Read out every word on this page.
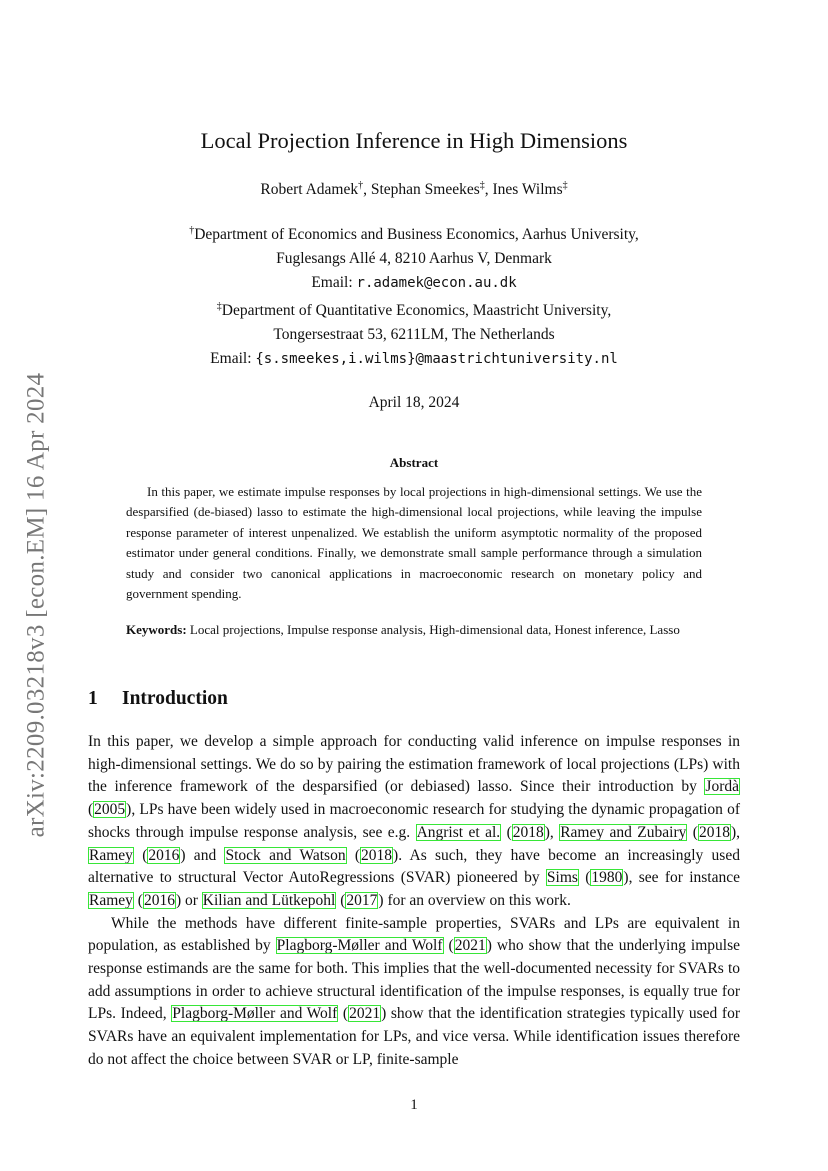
arXiv:2209.03218v3 [econ.EM] 16 Apr 2024
Local Projection Inference in High Dimensions
Robert Adamek†, Stephan Smeekes‡, Ines Wilms‡
†Department of Economics and Business Economics, Aarhus University,
Fuglesangs Allé 4, 8210 Aarhus V, Denmark
Email: r.adamek@econ.au.dk
‡Department of Quantitative Economics, Maastricht University,
Tongersestraat 53, 6211LM, The Netherlands
Email: {s.smeekes,i.wilms}@maastrichtuniversity.nl
April 18, 2024
Abstract

In this paper, we estimate impulse responses by local projections in high-dimensional settings. We use the desparsified (de-biased) lasso to estimate the high-dimensional local projections, while leaving the impulse response parameter of interest unpenalized. We establish the uniform asymptotic normality of the proposed estimator under general conditions. Finally, we demonstrate small sample performance through a simulation study and consider two canonical applications in macroeconomic research on monetary policy and government spending.

Keywords: Local projections, Impulse response analysis, High-dimensional data, Honest inference, Lasso

1 Introduction

In this paper, we develop a simple approach for conducting valid inference on impulse responses in high-dimensional settings. We do so by pairing the estimation framework of local projections (LPs) with the inference framework of the desparsified (or debiased) lasso. Since their introduction by Jordà (2005), LPs have been widely used in macroeconomic research for studying the dynamic propagation of shocks through impulse response analysis, see e.g. Angrist et al. (2018), Ramey and Zubairy (2018), Ramey (2016) and Stock and Watson (2018). As such, they have become an increasingly used alternative to structural Vector AutoRegressions (SVAR) pioneered by Sims (1980), see for instance Ramey (2016) or Kilian and Lütkepohl (2017) for an overview on this work.

While the methods have different finite-sample properties, SVARs and LPs are equivalent in population, as established by Plagborg-Møller and Wolf (2021) who show that the underlying impulse response estimands are the same for both. This implies that the well-documented necessity for SVARs to add assumptions in order to achieve structural identification of the impulse responses, is equally true for LPs. Indeed, Plagborg-Møller and Wolf (2021) show that the identification strategies typically used for SVARs have an equivalent implementation for LPs, and vice versa. While identification issues therefore do not affect the choice between SVAR or LP, finite-sample

1
